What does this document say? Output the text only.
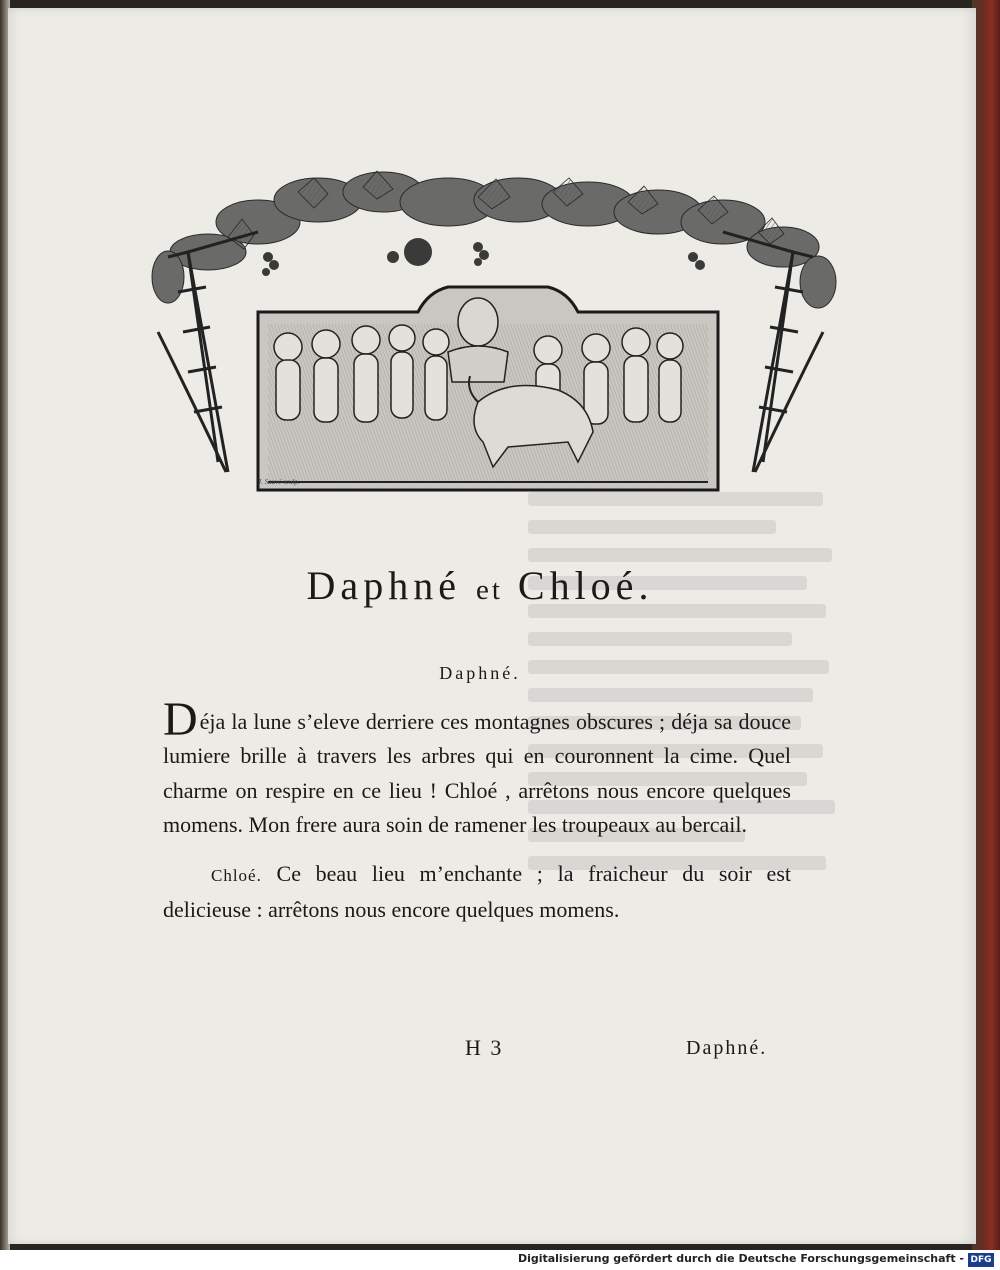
J. Sauvé sculp.
Daphné et Chloé.
Daphné.

Déja la lune s’eleve derriere ces montagnes obscures ; déja sa douce lumiere brille à travers les arbres qui en couronnent la cime. Quel charme on respire en ce lieu ! Chloé , arrêtons nous encore quelques momens. Mon frere aura soin de ramener les troupeaux au bercail.

Chloé. Ce beau lieu m’enchante ; la fraicheur du soir est delicieuse : arrêtons nous encore quelques momens.

H 3	Daphné.
Digitalisierung gefördert durch die Deutsche Forschungsgemeinschaft - DFG
